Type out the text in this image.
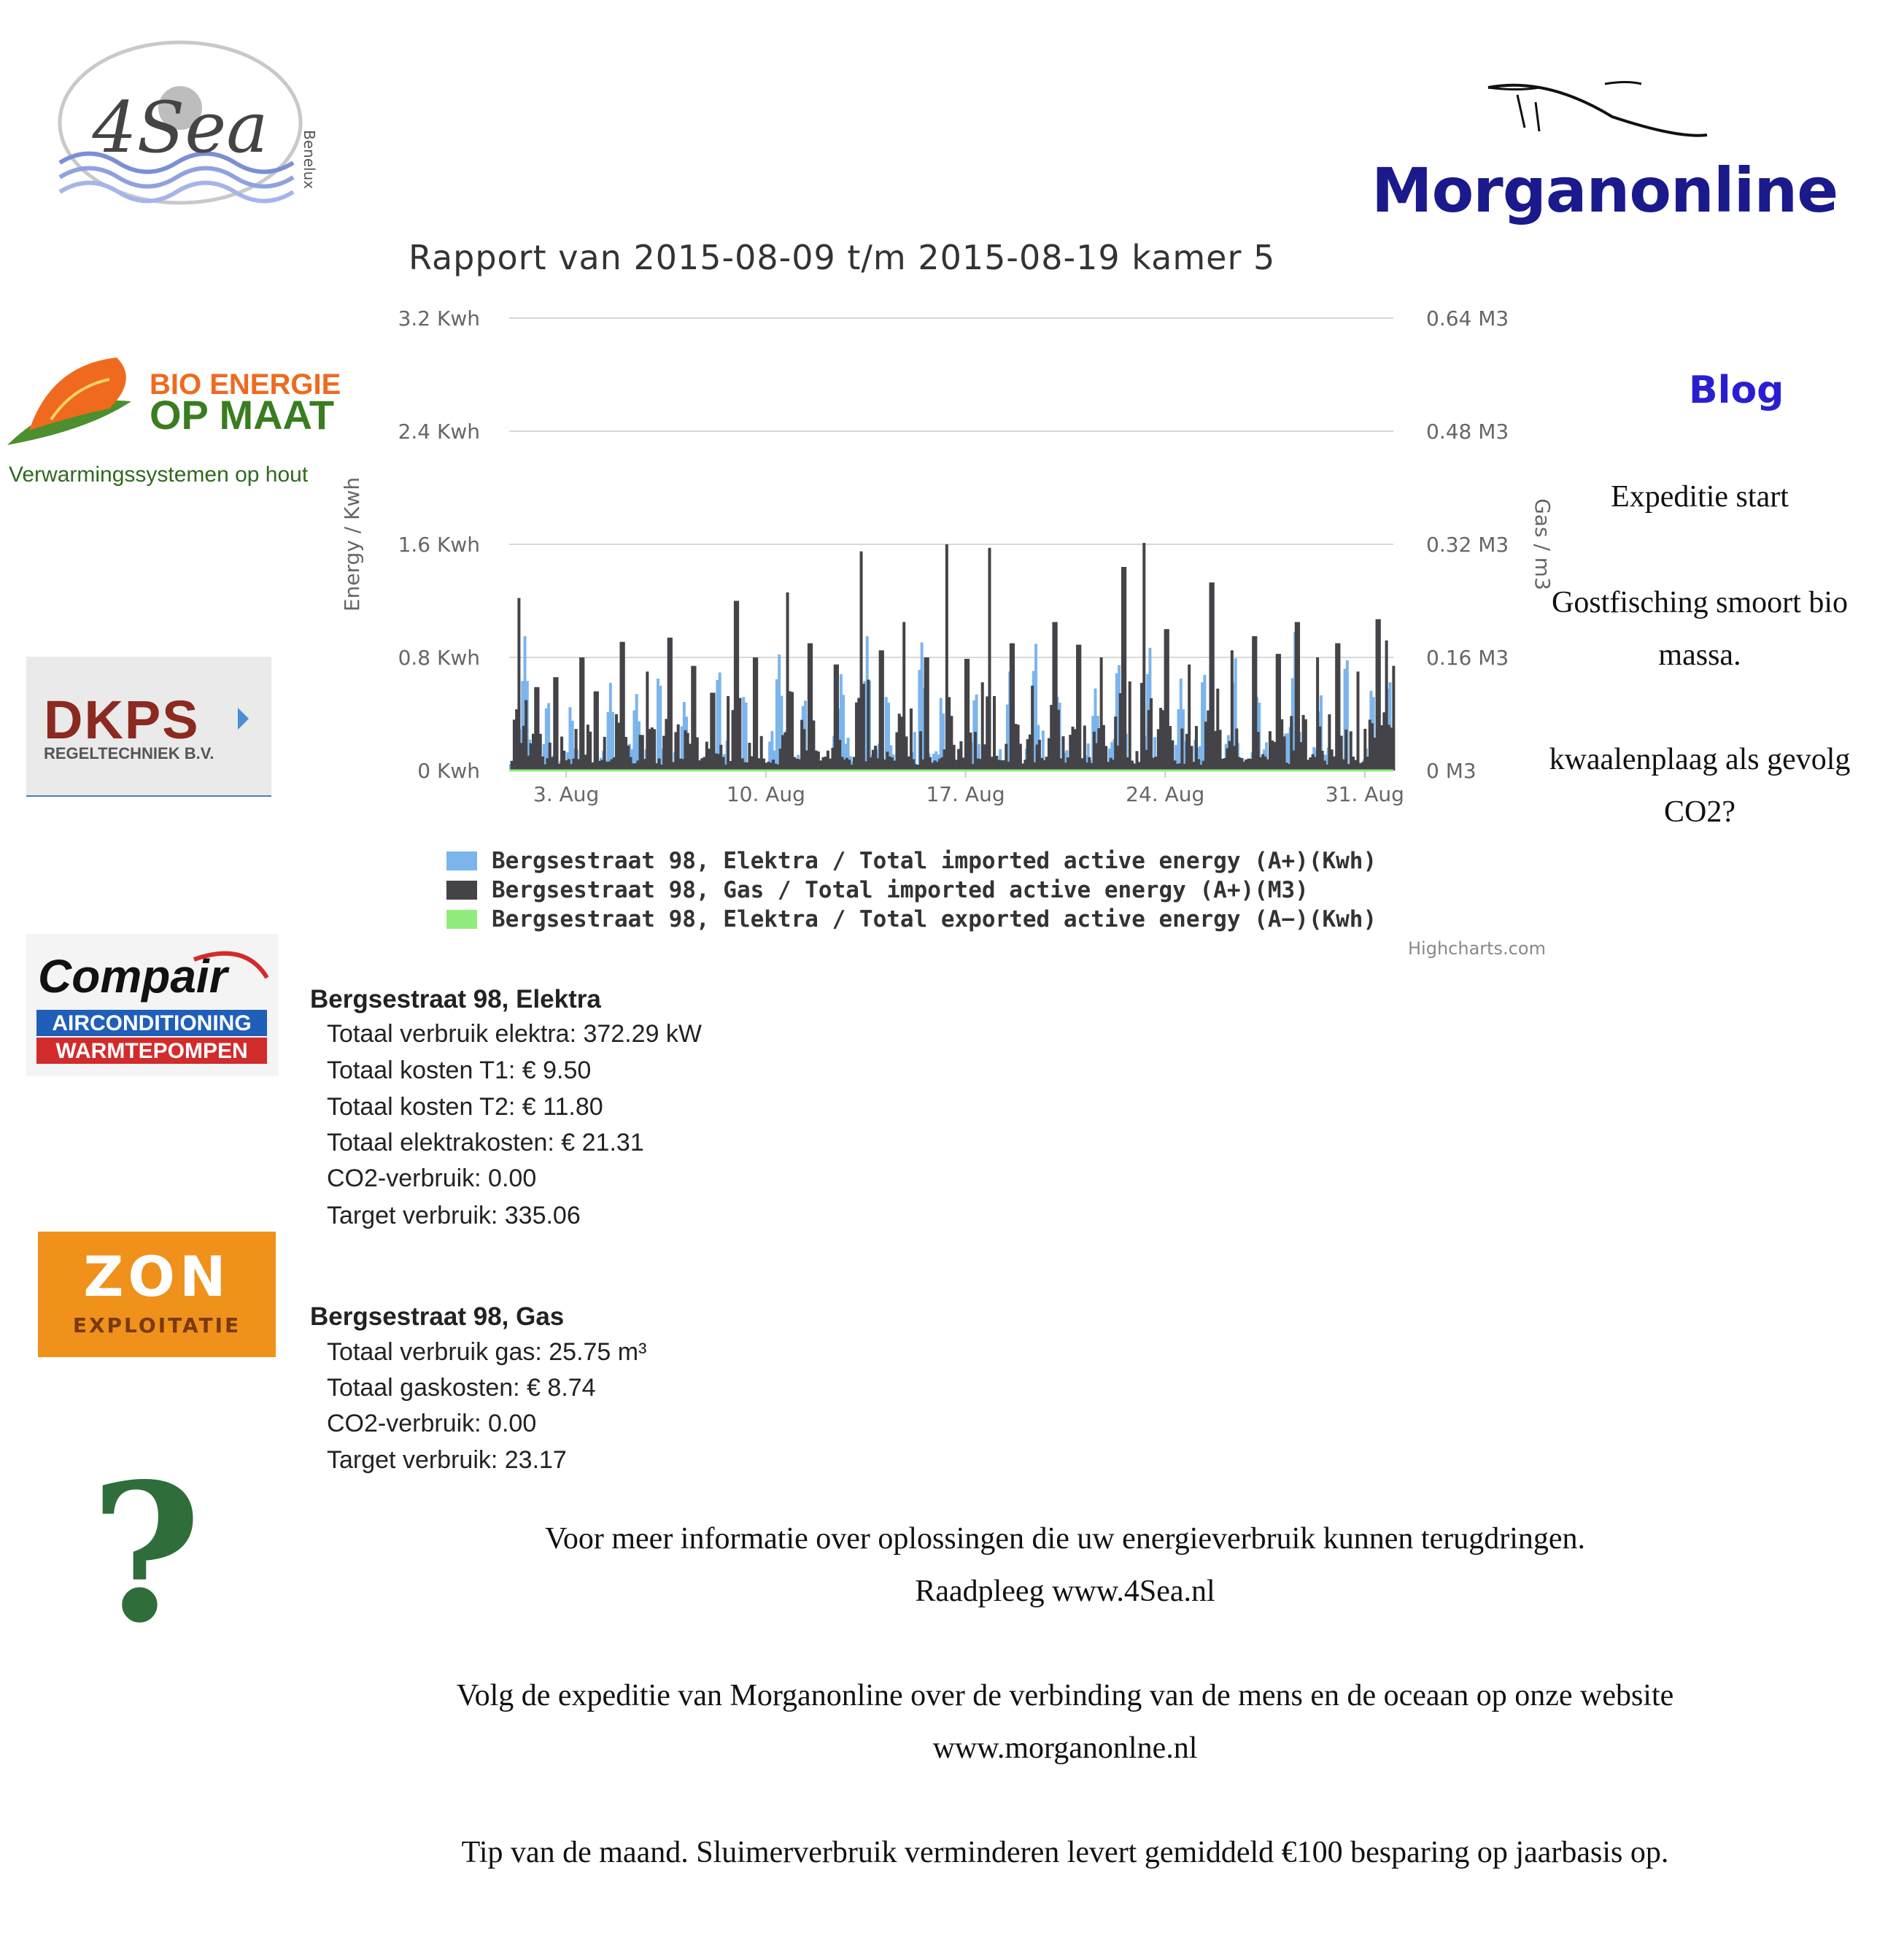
4Sea Benelux
BIO ENERGIE
OP MAAT
Verwarmingssystemen op hout
DKPS
REGELTECHNIEK B.V.
Compair
AIRCONDITIONING
WARMTEPOMPEN
ZON
EXPLOITATIE
?
Morganonline
Blog
Expeditie start
Gostfisching smoort bio massa.
kwaalenplaag als gevolg CO2?
Rapport van 2015-08-09 t/m 2015-08-19 kamer 5
0 Kwh	0 M3
0.8 Kwh	0.16 M3
1.6 Kwh	0.32 M3
2.4 Kwh	0.48 M3
3.2 Kwh	0.64 M3
Energy / Kwh	Gas / m3
3. Aug	10. Aug	17. Aug	24. Aug	31. Aug
Bergsestraat 98, Elektra / Total imported active energy (A+)(Kwh)
Bergsestraat 98, Gas / Total imported active energy (A+)(M3)
Bergsestraat 98, Elektra / Total exported active energy (A−)(Kwh)
Highcharts.com
Bergsestraat 98, Elektra
Totaal verbruik elektra: 372.29 kW
Totaal kosten T1: € 9.50
Totaal kosten T2: € 11.80
Totaal elektrakosten: € 21.31
CO2-verbruik: 0.00
Target verbruik: 335.06
Bergsestraat 98, Gas
Totaal verbruik gas: 25.75 m³
Totaal gaskosten: € 8.74
CO2-verbruik: 0.00
Target verbruik: 23.17
Voor meer informatie over oplossingen die uw energieverbruik kunnen terugdringen.
Raadpleeg www.4Sea.nl
Volg de expeditie van Morganonline over de verbinding van de mens en de oceaan op onze website
www.morganonlne.nl
Tip van de maand. Sluimerverbruik verminderen levert gemiddeld €100 besparing op jaarbasis op.
